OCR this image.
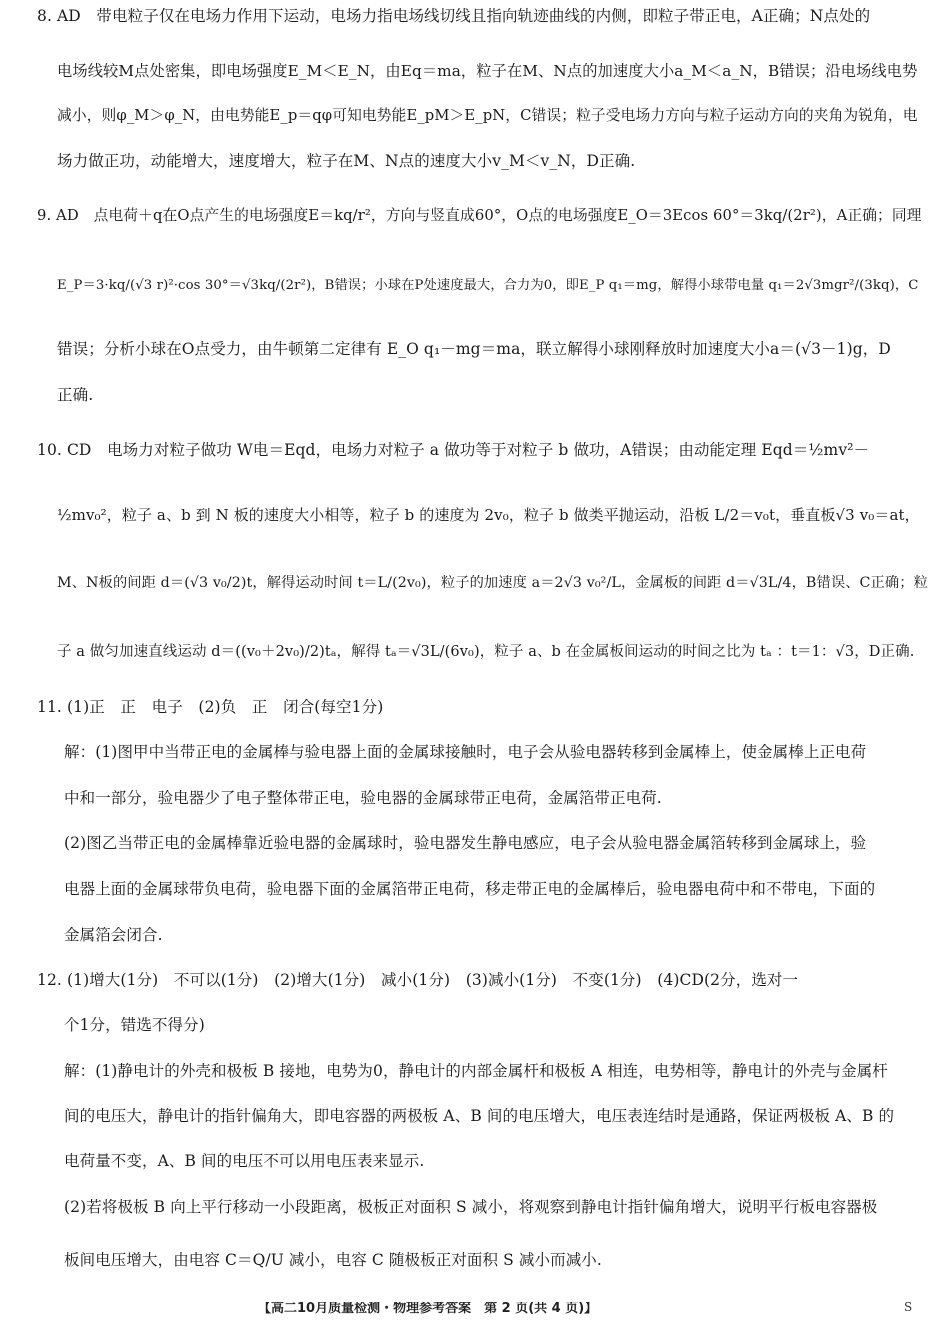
8. AD　带电粒子仅在电场力作用下运动，电场力指电场线切线且指向轨迹曲线的内侧，即粒子带正电，A正确；N点处的
电场线较M点处密集，即电场强度E_M＜E_N，由Eq＝ma，粒子在M、N点的加速度大小a_M＜a_N，B错误；沿电场线电势
减小，则φ_M＞φ_N，由电势能E_p＝qφ可知电势能E_pM＞E_pN，C错误；粒子受电场力方向与粒子运动方向的夹角为锐角，电
场力做正功，动能增大，速度增大，粒子在M、N点的速度大小v_M＜v_N，D正确.
9. AD　点电荷＋q在O点产生的电场强度E＝kq/r²，方向与竖直成60°，O点的电场强度E_O＝3Ecos 60°＝3kq/(2r²)，A正确；同理
E_P＝3·kq/(√3 r)²·cos 30°＝√3kq/(2r²)，B错误；小球在P处速度最大，合力为0，即E_P q₁＝mg，解得小球带电量 q₁＝2√3mgr²/(3kq)，C
错误；分析小球在O点受力，由牛顿第二定律有 E_O q₁－mg＝ma，联立解得小球刚释放时加速度大小a＝(√3－1)g，D
正确.
10. CD　电场力对粒子做功 W电＝Eqd，电场力对粒子 a 做功等于对粒子 b 做功，A错误；由动能定理 Eqd＝½mv²－
½mv₀²，粒子 a、b 到 N 板的速度大小相等，粒子 b 的速度为 2v₀，粒子 b 做类平抛运动，沿板 L/2＝v₀t，垂直板√3 v₀＝at，
M、N板的间距 d＝(√3 v₀/2)t，解得运动时间 t＝L/(2v₀)，粒子的加速度 a＝2√3 v₀²/L，金属板的间距 d＝√3L/4，B错误、C正确；粒
子 a 做匀加速直线运动 d＝((v₀＋2v₀)/2)tₐ，解得 tₐ＝√3L/(6v₀)，粒子 a、b 在金属板间运动的时间之比为 tₐ ：t＝1：√3，D正确.
11. (1)正　正　电子　(2)负　正　闭合(每空1分)
解：(1)图甲中当带正电的金属棒与验电器上面的金属球接触时，电子会从验电器转移到金属棒上，使金属棒上正电荷
中和一部分，验电器少了电子整体带正电，验电器的金属球带正电荷，金属箔带正电荷.
(2)图乙当带正电的金属棒靠近验电器的金属球时，验电器发生静电感应，电子会从验电器金属箔转移到金属球上，验
电器上面的金属球带负电荷，验电器下面的金属箔带正电荷，移走带正电的金属棒后，验电器电荷中和不带电，下面的
金属箔会闭合.
12. (1)增大(1分)　不可以(1分)　(2)增大(1分)　减小(1分)　(3)减小(1分)　不变(1分)　(4)CD(2分，选对一
个1分，错选不得分)
解：(1)静电计的外壳和极板 B 接地，电势为0，静电计的内部金属杆和极板 A 相连，电势相等，静电计的外壳与金属杆
间的电压大，静电计的指针偏角大，即电容器的两极板 A、B 间的电压增大，电压表连结时是通路，保证两极板 A、B 的
电荷量不变，A、B 间的电压不可以用电压表来显示.
(2)若将极板 B 向上平行移动一小段距离，极板正对面积 S 减小，将观察到静电计指针偏角增大，说明平行板电容器极
板间电压增大，由电容 C＝Q/U 减小，电容 C 随极板正对面积 S 减小而减小.
【高二10月质量检测・物理参考答案　第 2 页(共 4 页)】	S
